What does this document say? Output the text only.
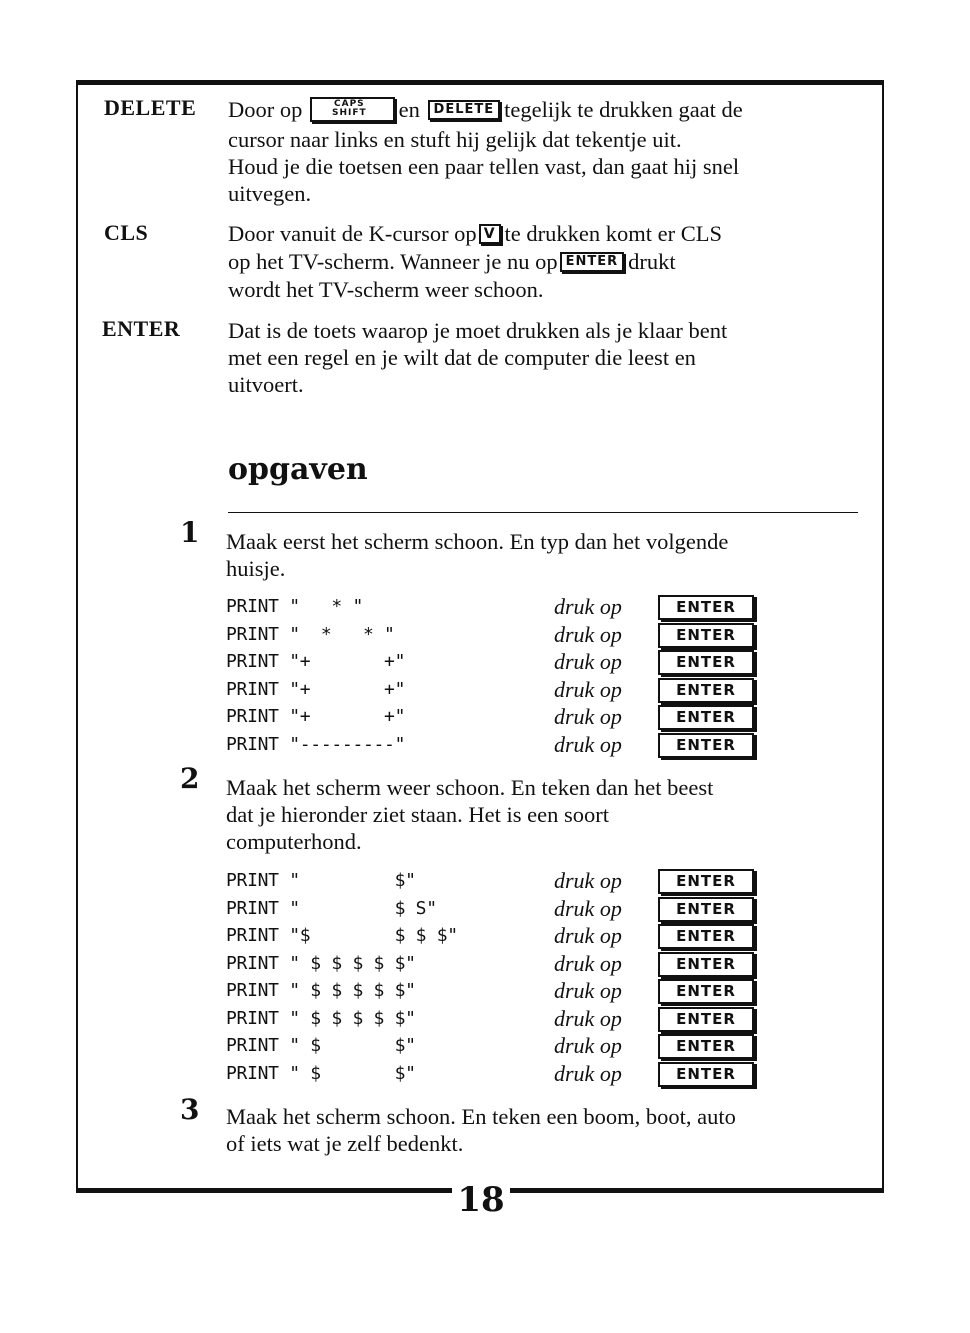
18
DELETE Door op	CAPS
SHIFT en DELETE tegelijk te drukken gaat de
cursor naar links en stuft hij gelijk dat tekentje uit.
Houd je die toetsen een paar tellen vast, dan gaat hij snel
uitvegen.
CLS	Door vanuit de K-cursor op V te drukken komt er CLS
op het TV-scherm. Wanneer je nu op ENTER drukt
wordt het TV-scherm weer schoon.
ENTER Dat is de toets waarop je moet drukken als je klaar bent
met een regel en je wilt dat de computer die leest en
uitvoert.
opgaven
1 Maak eerst het scherm schoon. En typ dan het volgende
huisje.
PRINT "   * "	druk op	ENTER
PRINT "  *   * "	druk op	ENTER
PRINT "+       +"	druk op	ENTER
PRINT "+       +"	druk op	ENTER
PRINT "+       +"	druk op	ENTER
PRINT "---------"	druk op	ENTER
2 Maak het scherm weer schoon. En teken dan het beest
dat je hieronder ziet staan. Het is een soort
computerhond.
PRINT "         $"	druk op	ENTER
PRINT "         $ S"	druk op	ENTER
PRINT "$        $ $ $"	druk op	ENTER
PRINT " $ $ $ $ $"	druk op	ENTER
PRINT " $ $ $ $ $"	druk op	ENTER
PRINT " $ $ $ $ $"	druk op	ENTER
PRINT " $       $"	druk op	ENTER
PRINT " $       $"	druk op	ENTER
3 Maak het scherm schoon. En teken een boom, boot, auto
of iets wat je zelf bedenkt.
